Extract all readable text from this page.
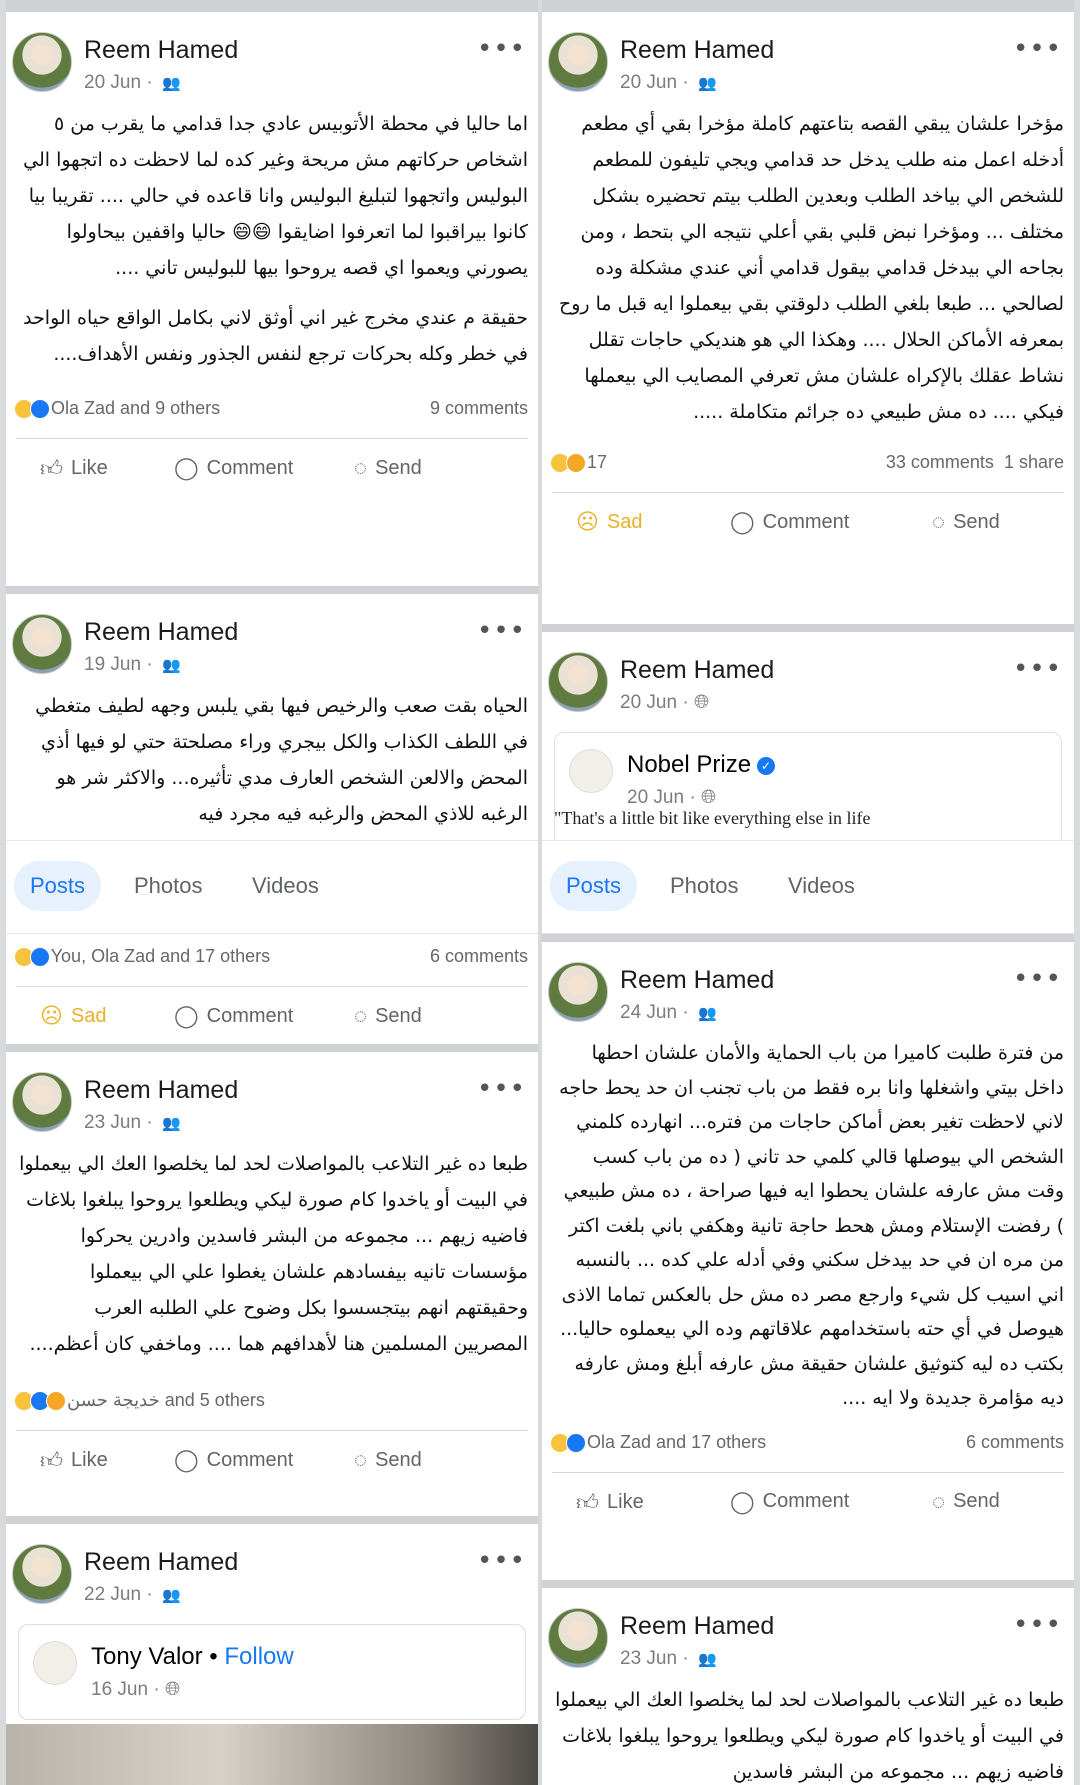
Reem Hamed
20 Jun · 👥
•••

اما حاليا في محطة الأتوبيس عادي جدا قدامي ما يقرب من ٥ اشخاص حركاتهم مش مريحة وغير كده لما لاحظت ده اتجهوا الي البوليس واتجهوا لتبليغ البوليس وانا قاعده في حالي .... تقريبا بيا كانوا بيراقبوا لما اتعرفوا اضايقوا 😄😄 حاليا واقفين بيحاولوا يصورني ويعموا اي قصه يروحوا بيها للبوليس تاني ....

حقيقة م عندي مخرج غير اني أوثق لاني بكامل الواقع حياه الواحد في خطر وكله بحركات ترجع لنفس الجذور ونفس الأهداف....

Ola Zad and 9 others	9 comments
👍︎ Like	◯ Comment	◌ Send
Reem Hamed
19 Jun · 👥
•••

الحياه بقت صعب والرخيص فيها بقي يلبس وجهه لطيف متغطي في اللطف الكذاب والكل بيجري وراء مصلحتة حتي لو فيها أذي المحض والالعن الشخص العارف مدي تأثيره... والاكثر شر هو الرغبه للاذي المحض والرغبه فيه مجرد فيه

Posts	Photos	Videos
You, Ola Zad and 17 others	6 comments
☹ Sad	◯ Comment	◌ Send
Reem Hamed
23 Jun · 👥
•••

طبعا ده غير التلاعب بالمواصلات لحد لما يخلصوا العك الي بيعملوا في البيت أو ياخدوا كام صورة ليكي ويطلعوا يروحوا يبلغوا بلاغات فاضيه زيهم ... مجموعه من البشر فاسدين وادرين يحركوا مؤسسات تانيه بيفسادهم علشان يغطوا علي الي بيعملوا وحقيقتهم انهم بيتجسسوا بكل وضوح علي الطلبه العرب المصريين المسلمين هنا لأهدافهم هما .... وماخفي كان أعظم....

خديجة حسن and 5 others
👍︎ Like	◯ Comment	◌ Send
Reem Hamed
22 Jun · 👥
•••
Tony Valor • Follow
16 Jun · 🌐︎
Reem Hamed
20 Jun · 👥
•••

مؤخرا علشان يبقي القصه بتاعتهم كاملة مؤخرا بقي أي مطعم أدخله اعمل منه طلب يدخل حد قدامي ويجي تليفون للمطعم للشخص الي بياخد الطلب وبعدين الطلب بيتم تحضيره بشكل مختلف ... ومؤخرا نبض قلبي بقي أعلي نتيجه الي بتحط ، ومن بجاحه الي بيدخل قدامي بيقول قدامي أني عندي مشكلة وده لصالحي ... طبعا بلغي الطلب دلوقتي بقي بيعملوا ايه قبل ما روح بمعرفه الأماكن الحلال .... وهكذا الي هو هنديكي حاجات تقلل نشاط عقلك بالإكراه علشان مش تعرفي المصايب الي بيعملها فيكي .... ده مش طبيعي ده جرائم متكاملة .....

17	33 comments 1 share
☹ Sad	◯ Comment	◌ Send
Reem Hamed
20 Jun · 🌐︎
•••
Nobel Prize ✓
20 Jun · 🌐︎
"That's a little bit like everything else in life
Posts	Photos	Videos
Reem Hamed
24 Jun · 👥
•••

من فترة طلبت كاميرا من باب الحماية والأمان علشان احطها داخل بيتي واشغلها وانا بره فقط من باب تجنب ان حد يحط حاجه لاني لاحظت تغير بعض أماكن حاجات من فتره... انهارده كلمني الشخص الي بيوصلها قالي كلمي حد تاني ( ده من باب كسب وقت مش عارفه علشان يحطوا ايه فيها صراحة ، ده مش طبيعي ) رفضت الإستلام ومش هحط حاجة تانية وهكفي باني بلغت اكتر من مره ان في حد بيدخل سكني وفي أدله علي كده ... بالنسبه اني اسيب كل شيء وارجع مصر ده مش حل بالعكس تماما الاذى هيوصل في أي حته باستخدامهم علاقاتهم وده الي بيعملوه حاليا... بكتب ده ليه كتوثيق علشان حقيقة مش عارفه أبلغ ومش عارفه ديه مؤامرة جديدة ولا ايه ....

Ola Zad and 17 others	6 comments
👍︎ Like	◯ Comment	◌ Send
Reem Hamed
23 Jun · 👥
•••

طبعا ده غير التلاعب بالمواصلات لحد لما يخلصوا العك الي بيعملوا في البيت أو ياخدوا كام صورة ليكي ويطلعوا يروحوا يبلغوا بلاغات فاضيه زيهم ... مجموعه من البشر فاسدين
